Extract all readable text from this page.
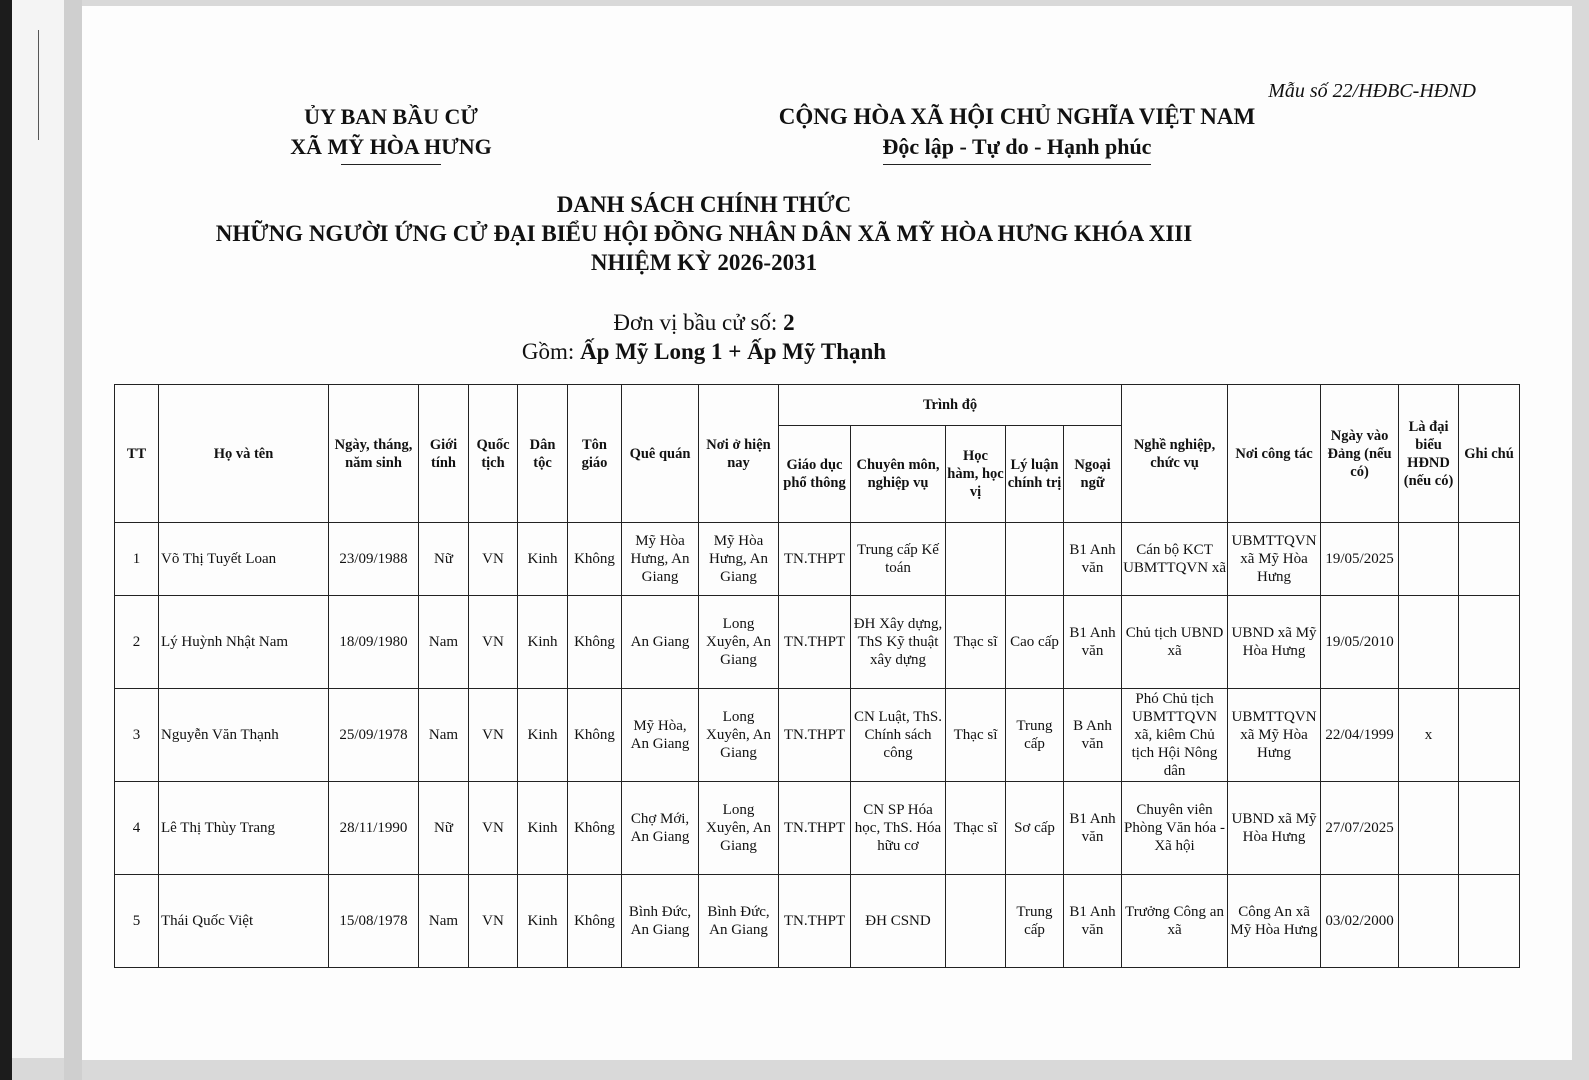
Mẫu số 22/HĐBC-HĐND
ỦY BAN BẦU CỬ
XÃ MỸ HÒA HƯNG
CỘNG HÒA XÃ HỘI CHỦ NGHĨA VIỆT NAM
Độc lập - Tự do - Hạnh phúc
DANH SÁCH CHÍNH THỨC
NHỮNG NGƯỜI ỨNG CỬ ĐẠI BIỂU HỘI ĐỒNG NHÂN DÂN XÃ MỸ HÒA HƯNG KHÓA XIII
NHIỆM KỲ 2026-2031
Đơn vị bầu cử số: 2
Gồm: Ấp Mỹ Long 1 + Ấp Mỹ Thạnh
TT	Họ và tên	Ngày, tháng, năm sinh	Giới tính	Quốc tịch	Dân tộc	Tôn giáo	Quê quán	Nơi ở hiện nay	Trình độ					Nghề nghiệp, chức vụ	Nơi công tác	Ngày vào Đảng (nếu có)	Là đại biểu HĐND (nếu có)	Ghi chú
									Giáo dục phổ thông	Chuyên môn, nghiệp vụ	Học hàm, học vị	Lý luận chính trị	Ngoại ngữ					
1	Võ Thị Tuyết Loan	23/09/1988	Nữ	VN	Kinh	Không	Mỹ Hòa Hưng, An Giang	Mỹ Hòa Hưng, An Giang	TN.THPT	Trung cấp Kế toán			B1 Anh văn	Cán bộ KCT UBMTTQVN xã	UBMTTQVN xã Mỹ Hòa Hưng	19/05/2025		
2	Lý Huỳnh Nhật Nam	18/09/1980	Nam	VN	Kinh	Không	An Giang	Long Xuyên, An Giang	TN.THPT	ĐH Xây dựng, ThS Kỹ thuật xây dựng	Thạc sĩ	Cao cấp	B1 Anh văn	Chủ tịch UBND xã	UBND xã Mỹ Hòa Hưng	19/05/2010		
3	Nguyễn Văn Thạnh	25/09/1978	Nam	VN	Kinh	Không	Mỹ Hòa, An Giang	Long Xuyên, An Giang	TN.THPT	CN Luật, ThS. Chính sách công	Thạc sĩ	Trung cấp	B Anh văn	Phó Chủ tịch UBMTTQVN xã, kiêm Chủ tịch Hội Nông dân	UBMTTQVN xã Mỹ Hòa Hưng	22/04/1999	x	
4	Lê Thị Thùy Trang	28/11/1990	Nữ	VN	Kinh	Không	Chợ Mới, An Giang	Long Xuyên, An Giang	TN.THPT	CN SP Hóa học, ThS. Hóa hữu cơ	Thạc sĩ	Sơ cấp	B1 Anh văn	Chuyên viên Phòng Văn hóa - Xã hội	UBND xã Mỹ Hòa Hưng	27/07/2025		
5	Thái Quốc Việt	15/08/1978	Nam	VN	Kinh	Không	Bình Đức, An Giang	Bình Đức, An Giang	TN.THPT	ĐH CSND		Trung cấp	B1 Anh văn	Trưởng Công an xã	Công An xã Mỹ Hòa Hưng	03/02/2000		
